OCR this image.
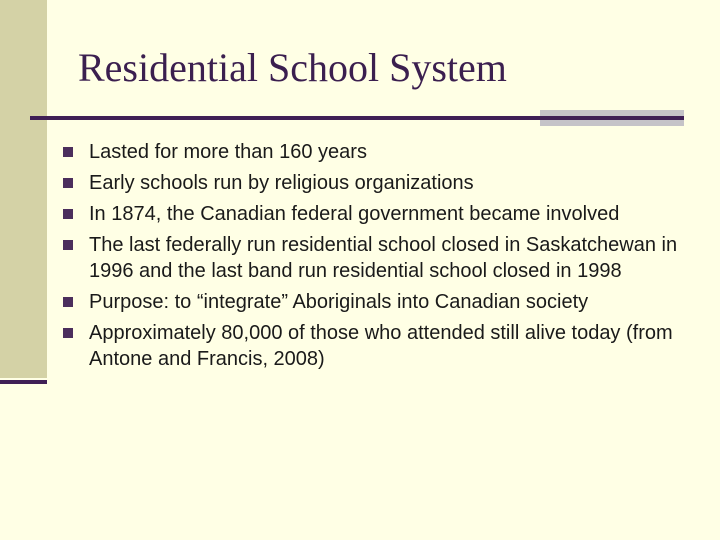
Residential School System
Lasted for more than 160 years
Early schools run by religious organizations
In 1874, the Canadian federal government became involved
The last federally run residential school closed in Saskatchewan in 1996 and the last band run residential school closed in 1998
Purpose: to “integrate” Aboriginals into Canadian society
Approximately 80,000 of those who attended still alive today (from Antone and Francis, 2008)
